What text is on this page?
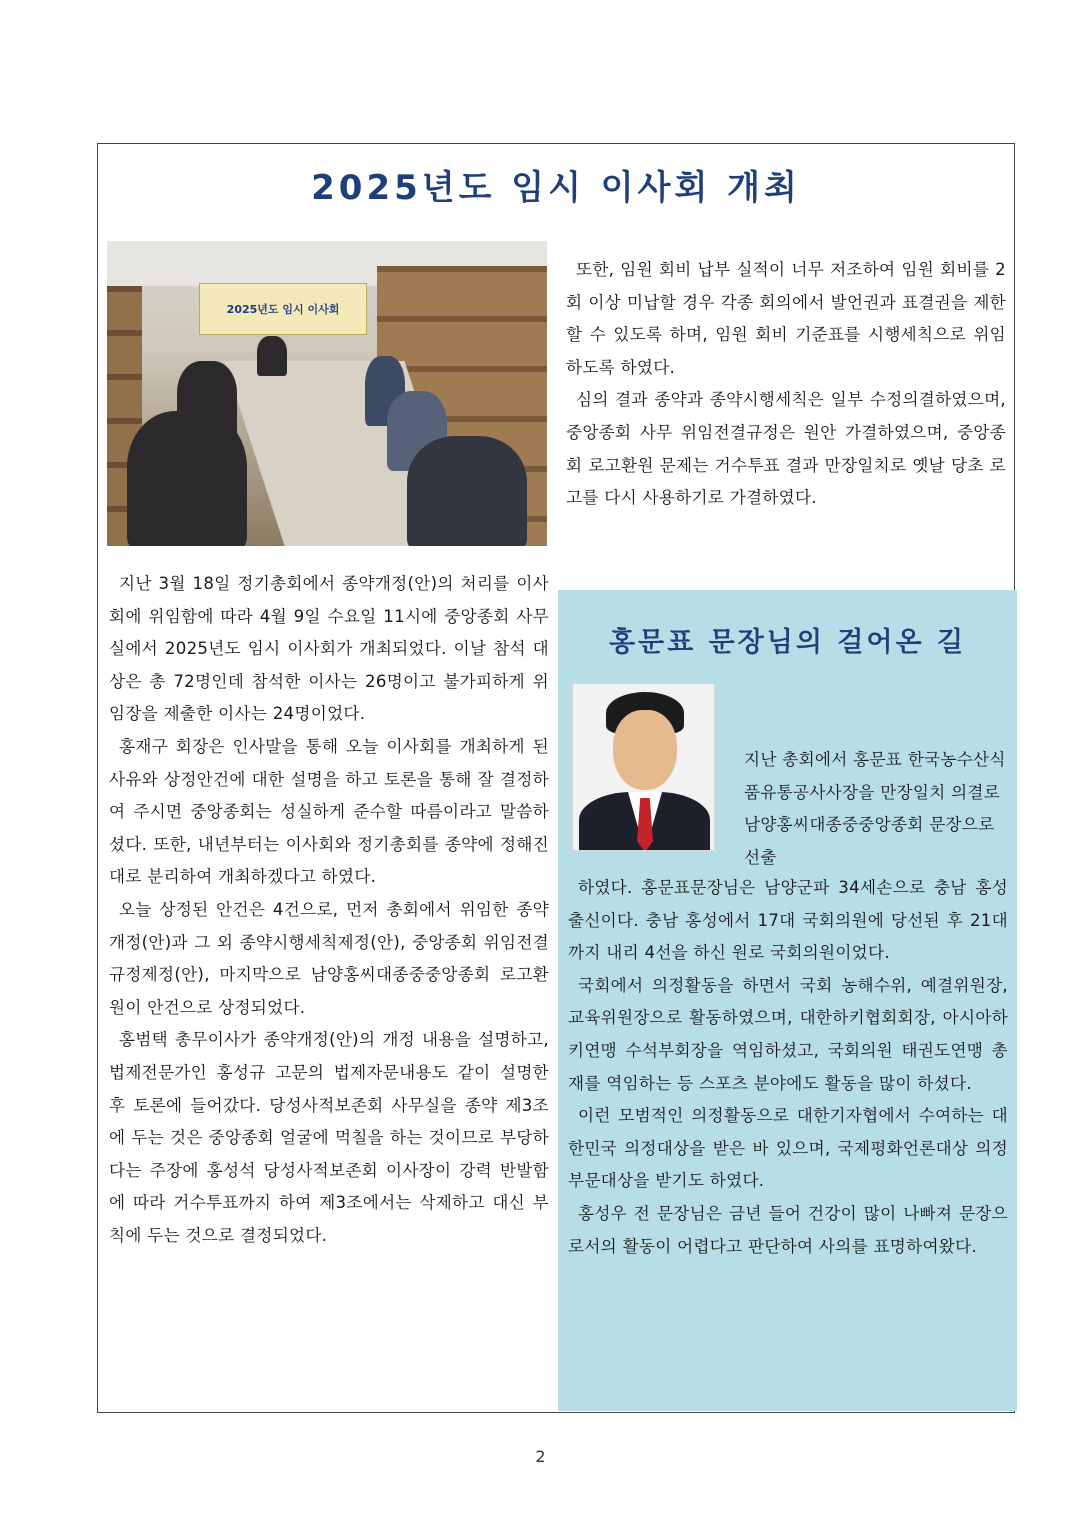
2025년도 임시 이사회 개최
2025년도 임시 이사회

지난 3월 18일 정기총회에서 종약개정(안)의 처리를 이사회에 위임함에 따라 4월 9일 수요일 11시에 중앙종회 사무실에서 2025년도 임시 이사회가 개최되었다. 이날 참석 대상은 총 72명인데 참석한 이사는 26명이고 불가피하게 위임장을 제출한 이사는 24명이었다.

홍재구 회장은 인사말을 통해 오늘 이사회를 개최하게 된 사유와 상정안건에 대한 설명을 하고 토론을 통해 잘 결정하여 주시면 중앙종회는 성실하게 준수할 따름이라고 말씀하셨다. 또한, 내년부터는 이사회와 정기총회를 종약에 정해진대로 분리하여 개최하겠다고 하였다.

오늘 상정된 안건은 4건으로, 먼저 총회에서 위임한 종약개정(안)과 그 외 종약시행세칙제정(안), 중앙종회 위임전결규정제정(안), 마지막으로 남양홍씨대종중중앙종회 로고환원이 안건으로 상정되었다.

홍범택 총무이사가 종약개정(안)의 개정 내용을 설명하고, 법제전문가인 홍성규 고문의 법제자문내용도 같이 설명한 후 토론에 들어갔다. 당성사적보존회 사무실을 종약 제3조에 두는 것은 중앙종회 얼굴에 먹칠을 하는 것이므로 부당하다는 주장에 홍성석 당성사적보존회 이사장이 강력 반발함에 따라 거수투표까지 하여 제3조에서는 삭제하고 대신 부칙에 두는 것으로 결정되었다.

또한, 임원 회비 납부 실적이 너무 저조하여 임원 회비를 2회 이상 미납할 경우 각종 회의에서 발언권과 표결권을 제한할 수 있도록 하며, 임원 회비 기준표를 시행세칙으로 위임하도록 하였다.

심의 결과 종약과 종약시행세칙은 일부 수정의결하였으며, 중앙종회 사무 위임전결규정은 원안 가결하였으며, 중앙종회 로고환원 문제는 거수투표 결과 만장일치로 옛날 당초 로고를 다시 사용하기로 가결하였다.

홍문표 문장님의 걸어온 길

지난 총회에서 홍문표 한국농수산식품유통공사사장을 만장일치 의결로 남양홍씨대종중중앙종회 문장으로 선출

하였다. 홍문표문장님은 남양군파 34세손으로 충남 홍성출신이다. 충남 홍성에서 17대 국회의원에 당선된 후 21대까지 내리 4선을 하신 원로 국회의원이었다.

국회에서 의정활동을 하면서 국회 농해수위, 예결위원장, 교육위원장으로 활동하였으며, 대한하키협회회장, 아시아하키연맹 수석부회장을 역임하셨고, 국회의원 태권도연맹 총재를 역임하는 등 스포츠 분야에도 활동을 많이 하셨다.

이런 모범적인 의정활동으로 대한기자협에서 수여하는 대한민국 의정대상을 받은 바 있으며, 국제평화언론대상 의정부문대상을 받기도 하였다.

홍성우 전 문장님은 금년 들어 건강이 많이 나빠져 문장으로서의 활동이 어렵다고 판단하여 사의를 표명하여왔다.

2
